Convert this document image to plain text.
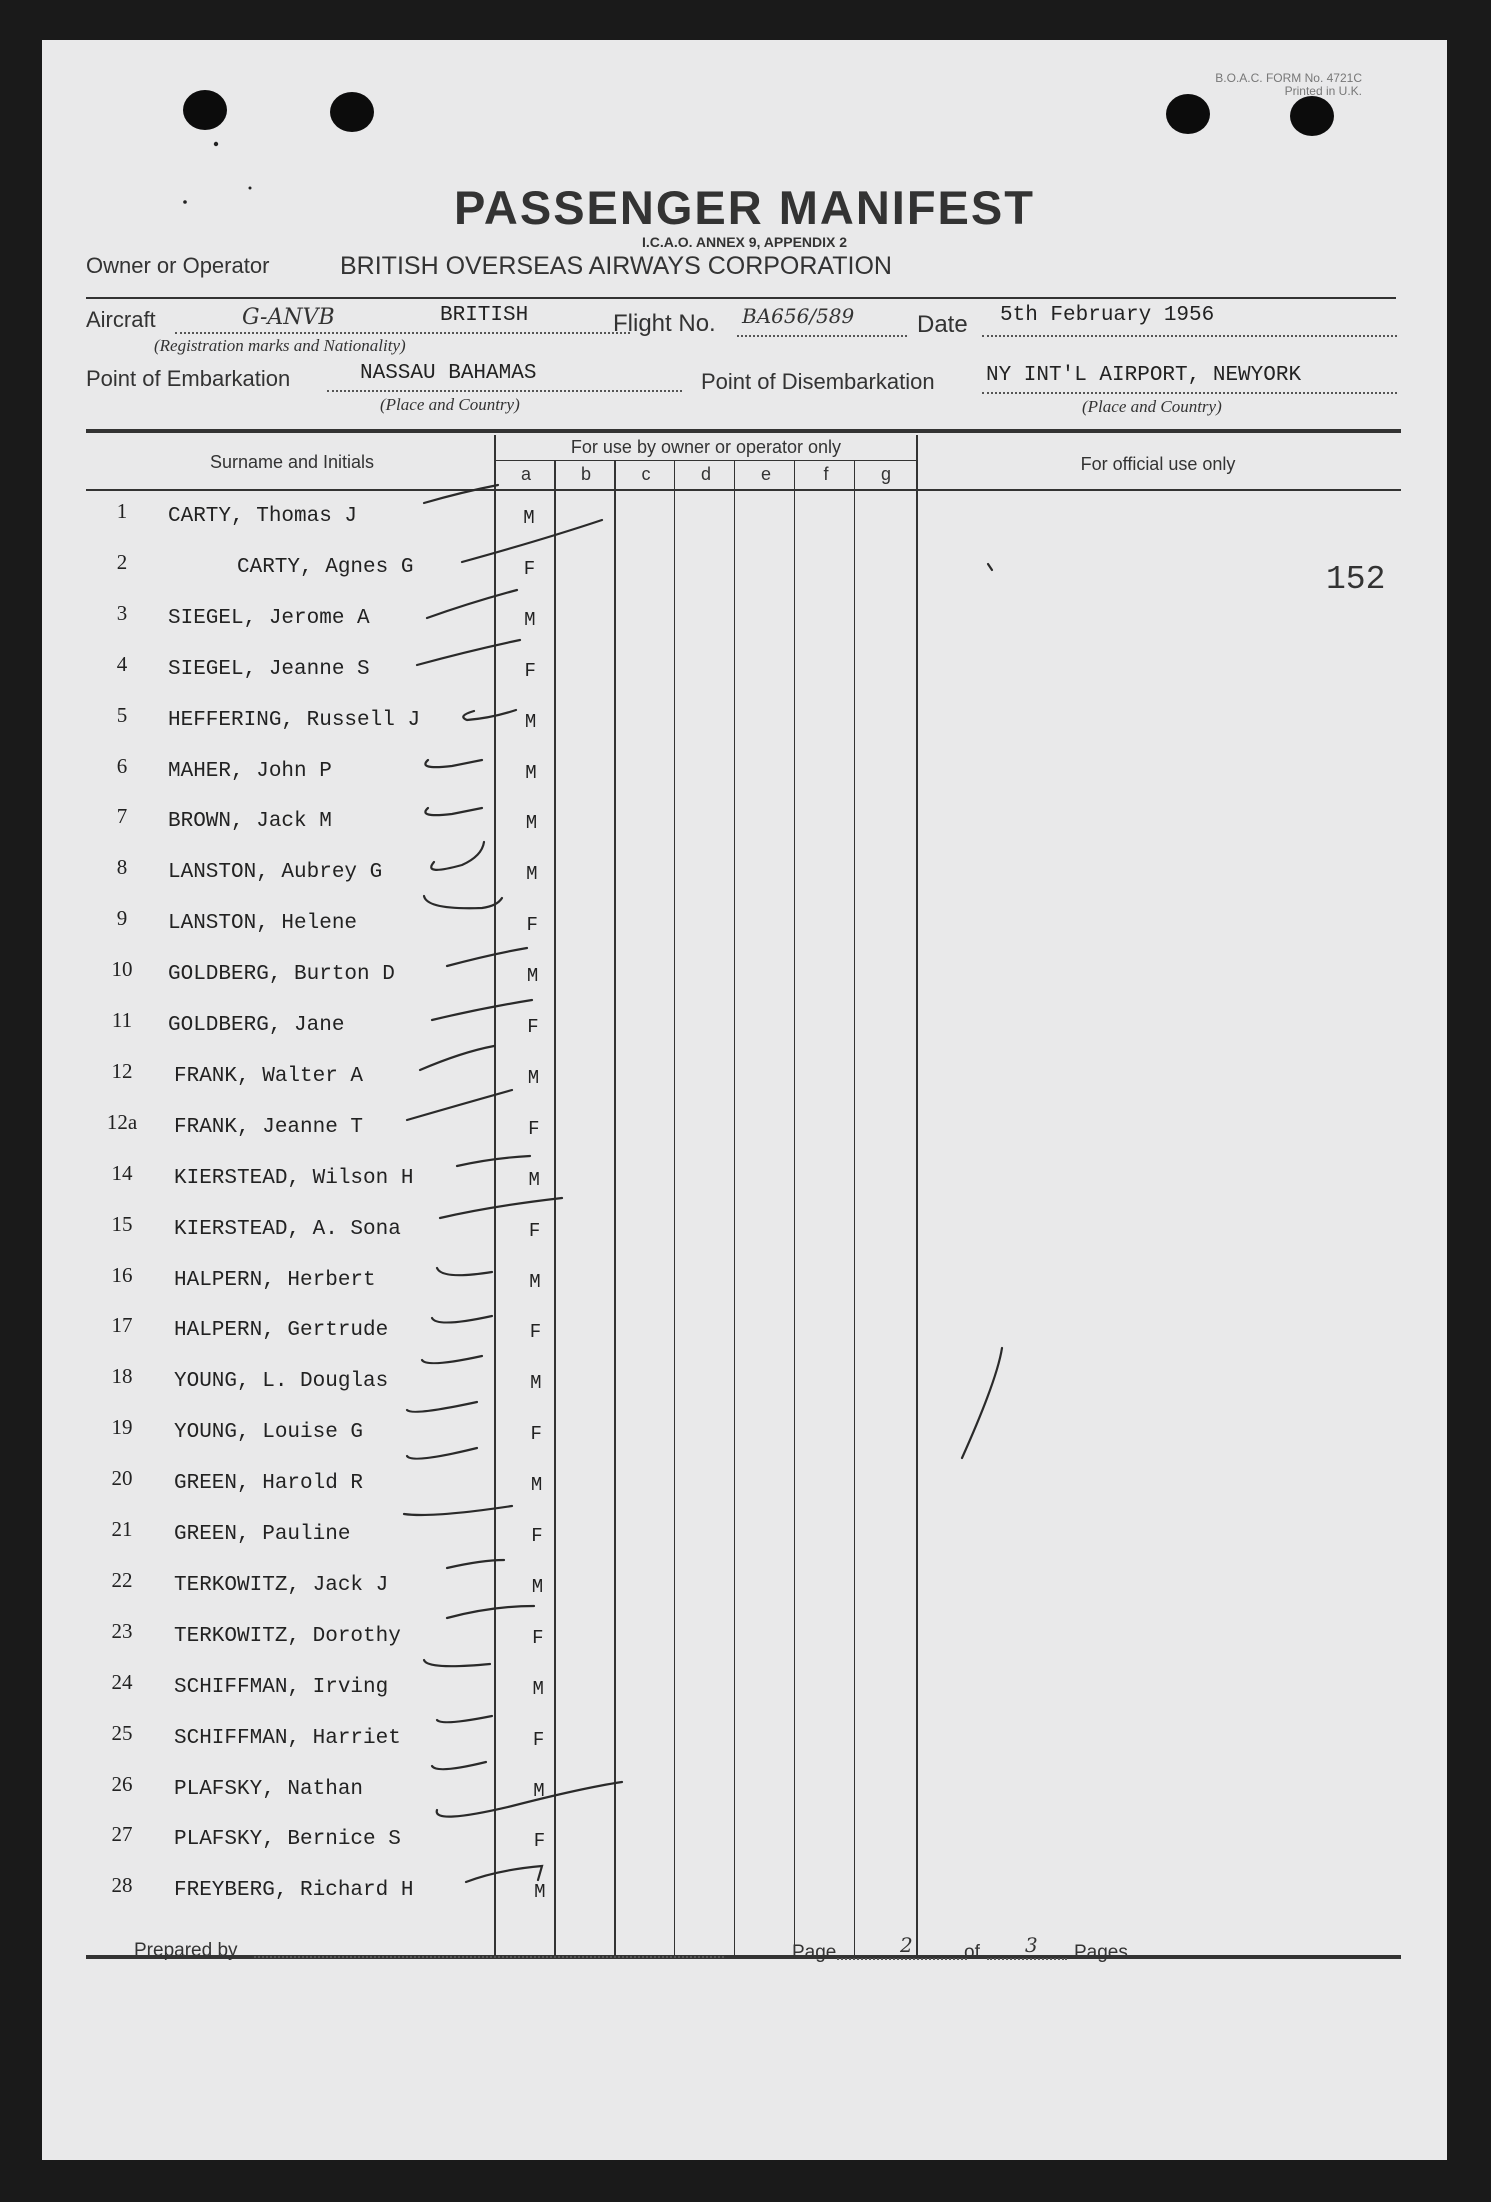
B.O.A.C. FORM No. 4721C
Printed in U.K.
PASSENGER MANIFEST
I.C.A.O. ANNEX 9, APPENDIX 2
Owner or Operator	BRITISH OVERSEAS AIRWAYS CORPORATION
Aircraft	G-ANVB	BRITISH
(Registration marks and Nationality)
Flight No. BA656/589	Date 5th February 1956
Point of Embarkation	NASSAU BAHAMAS
(Place and Country)
Point of Disembarkation NY INT'L AIRPORT, NEWYORK
(Place and Country)
Surname and Initials
For use by owner or operator only
For official use only
a	b	c	d	e	f	g
1	CARTY, Thomas J	M
2	CARTY, Agnes G	F
3	SIEGEL, Jerome A	M
4	SIEGEL, Jeanne S	F
5	HEFFERING, Russell J	M
6	MAHER, John P	M
7	BROWN, Jack M	M
8	LANSTON, Aubrey G	M
9	LANSTON, Helene	F
10	GOLDBERG, Burton D	M
11	GOLDBERG, Jane	F
12	FRANK, Walter A	M
12a	FRANK, Jeanne T	F
14	KIERSTEAD, Wilson H	M
15	KIERSTEAD, A. Sona	F
16	HALPERN, Herbert	M
17	HALPERN, Gertrude	F
18	YOUNG, L. Douglas	M
19	YOUNG, Louise G	F
20	GREEN, Harold R	M
21	GREEN, Pauline	F
22	TERKOWITZ, Jack J	M
23	TERKOWITZ, Dorothy	F
24	SCHIFFMAN, Irving	M
25	SCHIFFMAN, Harriet	F
26	PLAFSKY, Nathan	M
27	PLAFSKY, Bernice S	F
28	FREYBERG, Richard H	M
152
Prepared by	Page	2	of 3 Pages
